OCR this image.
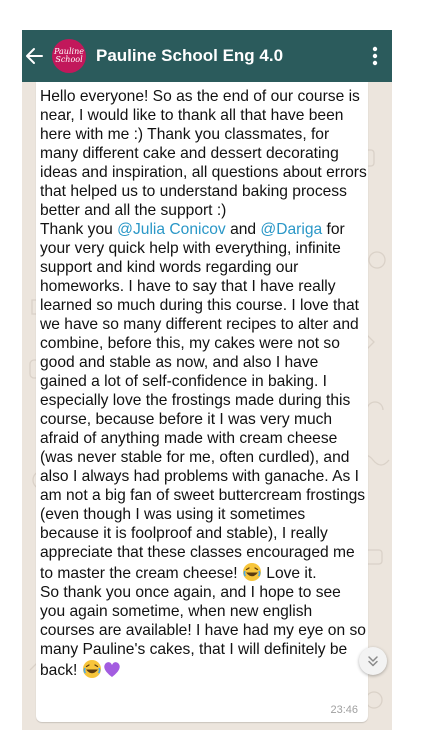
Pauline
School Pauline School Eng 4.0

Hello everyone! So as the end of our course is near, I would like to thank all that have been here with me :) Thank you classmates, for many different cake and dessert decorating ideas and inspiration, all questions about errors that helped us to understand baking process better and all the support :)

Thank you @Julia Conicov and @Dariga for your very quick help with everything, infinite support and kind words regarding our homeworks. I have to say that I have really learned so much during this course. I love that we have so many different recipes to alter and combine, before this, my cakes were not so good and stable as now, and also I have gained a lot of self-confidence in baking. I especially love the frostings made during this course, because before it I was very much afraid of anything made with cream cheese (was never stable for me, often curdled), and also I always had problems with ganache. As I am not a big fan of sweet buttercream frostings (even though I was using it sometimes because it is foolproof and stable), I really appreciate that these classes encouraged me to master the cream cheese!  Love it.

So thank you once again, and I hope to see you again sometime, when new english courses are available! I have had my eye on so many Pauline's cakes, that I will definitely be back!

23:46
